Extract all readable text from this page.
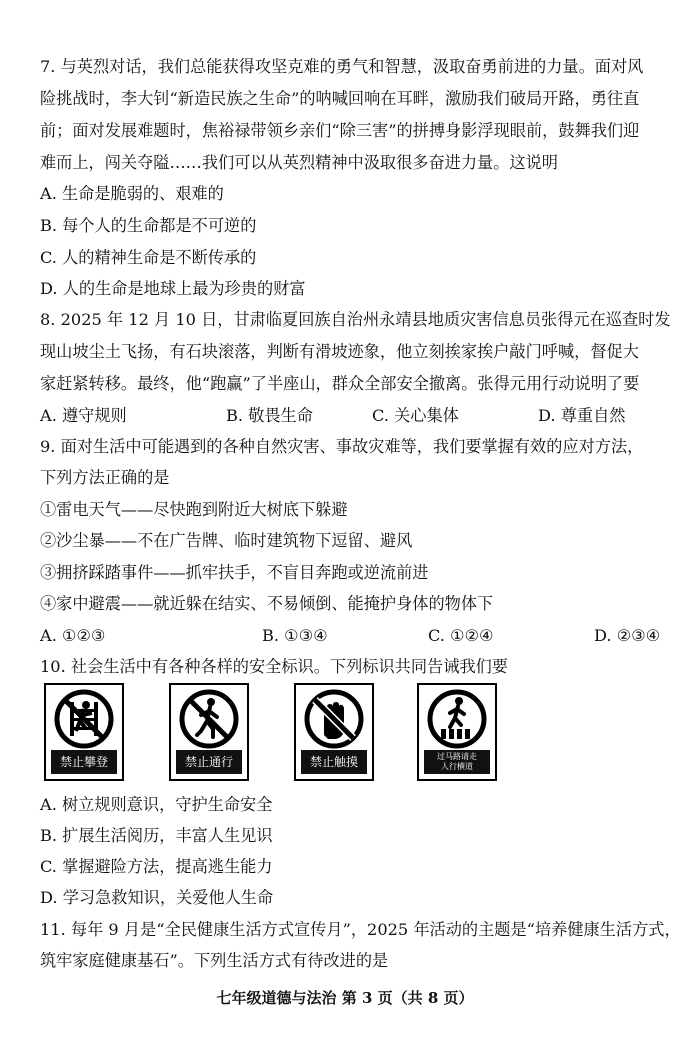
7. 与英烈对话，我们总能获得攻坚克难的勇气和智慧，汲取奋勇前进的力量。面对风
险挑战时，李大钊“新造民族之生命”的呐喊回响在耳畔，激励我们破局开路，勇往直
前；面对发展难题时，焦裕禄带领乡亲们“除三害”的拼搏身影浮现眼前，鼓舞我们迎
难而上，闯关夺隘……我们可以从英烈精神中汲取很多奋进力量。这说明
A. 生命是脆弱的、艰难的
B. 每个人的生命都是不可逆的
C. 人的精神生命是不断传承的
D. 人的生命是地球上最为珍贵的财富
8. 2025 年 12 月 10 日，甘肃临夏回族自治州永靖县地质灾害信息员张得元在巡查时发
现山坡尘土飞扬，有石块滚落，判断有滑坡迹象，他立刻挨家挨户敲门呼喊，督促大
家赶紧转移。最终，他“跑赢”了半座山，群众全部安全撤离。张得元用行动说明了要
A. 遵守规则	B. 敬畏生命	C. 关心集体	D. 尊重自然
9. 面对生活中可能遇到的各种自然灾害、事故灾难等，我们要掌握有效的应对方法，
下列方法正确的是
①雷电天气——尽快跑到附近大树底下躲避
②沙尘暴——不在广告牌、临时建筑物下逗留、避风
③拥挤踩踏事件——抓牢扶手，不盲目奔跑或逆流前进
④家中避震——就近躲在结实、不易倾倒、能掩护身体的物体下
A. ①②③	B. ①③④	C. ①②④	D. ②③④
10. 社会生活中有各种各样的安全标识。下列标识共同告诫我们要
禁止攀登	禁止通行	禁止触摸	过马路请走
人行横道
A. 树立规则意识，守护生命安全
B. 扩展生活阅历，丰富人生见识
C. 掌握避险方法，提高逃生能力
D. 学习急救知识，关爱他人生命
11. 每年 9 月是“全民健康生活方式宣传月”，2025 年活动的主题是“培养健康生活方式，
筑牢家庭健康基石”。下列生活方式有待改进的是
七年级道德与法治 第 3 页（共 8 页）
